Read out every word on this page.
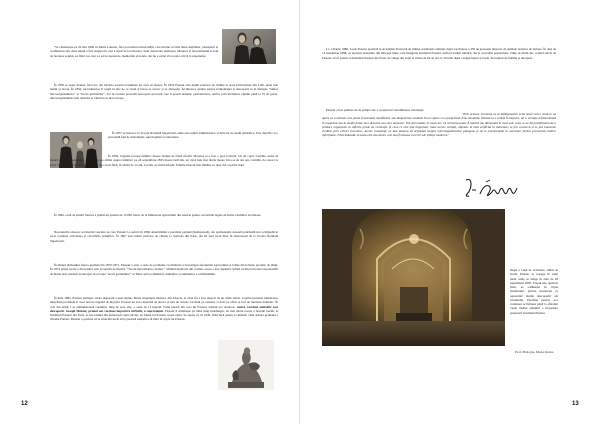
"Se căsătorește pe 29 mai 1849 cu Marie Laurent, fiica rectorului universității, care devine cel mai mare susținător, partenerul și confidentul său. Ziua nunții a fost singura în care a lipsit de la laborator. Sunt cunoscute tandrețea, răbdarea și devotamentul ei față de lucrarea soțului, ea fiind cea care i-a scris rapoartele, memoriile și notele, dar nu a ezitat să ia parte activă la experiențe.

În 1850 se naște Jeanne, fiica lor, dar bucuria acestui eveniment nu avea să dureze. În 1854 Pasteur este numit profesor de chimie la noua Universitate din Lille, unde este numit și decan. În 1856, un industriaș îl roagă să afle de ce vinul și berea se acresc și se alterează. Își întoarce atenția asupra fermentației și descoperă ce el numește "lumea microorganismelor" și "teoria germenilor". Tot în această perioadă descoperă procesul care îi poartă numele: pasteurizarea. Astfel, prin încălzirea vinului până la 55 de grade, microorganismele sunt omorâte și vinul nu se mai acrește.

În 1857 se întoarce la Școala Normală Superioară, unde este numit administrator și director de studii științifice. Este deschis cu o personală față de diplomație, supraveghere și autoritate.

În 1859, tragedia lovește familia: moare Jeanne de febră tifoidă. Moartea ei a fost o grea lovitură. Un alt copil, Camille, urma să moară cu un an mai târziu. Fatalitatea s-a abătut asupra familiei: pe 24 septembrie 1865 moare tatăl său, iar cinci luni mai târziu moare fiica sa de doi ani, Camille, de cancer la ficat. Opt luni mai târziu moare și cea de-a treia fiică, în vârstă de 12 ani, Cecilia, de febră tifoidă. Familia Pasteur mai rămâne cu doar doi copii în viață.

În 1866, ortul de știință francez a primit un premiu de 10 000 franci de la Ministerul agriculturii din Austria pentru cercetările legate de bolile viermilor de mătase.

Neocazurile obosesc accidentul vascular pe care Pasteur l-a suferit în 1866 determinând o paralizie parțială (hemipareză), dar permanentă. Această problemă nu l-a împiedicat să-și continue activitatea și cercetările științifice. În 1867 este numit profesor de chimie la Sorbona din Paris, dar își lasă locul liber în laboratorul de la Școala Normală Superioară.

În timpul războiului franco-german din 1870-1871, Pasteur a avut o serie de probleme cu militarii ce investigau afecțiunile septicemiei și bolile microbiene produse de plăgi. În 1874 prima teorie a microbilor este acceptată de medici, "Teoria microbiană a bolilor". Sfidării medicale din vremea aceea a fost depășită. Știind că microbii sunt responsabili de multe boli, medicii au început să accepte "teoria germenilor" ca fiind certă și sănătatea oamenilor și animalelor s-a îmbunătățit.

În iulie 1885, Pasteur primește vizita disperată a unei mame, Marie Angelique Meister, din Alsacia, al cărei fiu a fost mușcat de un câine turbat. Copilul prezenta numeroase mușcături profunde și avea nevoie urgentă de îngrijiri. Pasteur nu avea diplomă de doctor și nici nu testase vaccinul pe oameni, ci doar pe câini. A fost un moment dramatic. În cele din urmă, i se administrează copilului, timp de zece zile, o serie de 13 injecții. Când pleacă din casa lui Pasteur, băiatul era vindecat. Astfel, vaccinul antirabic este descoperit. Joseph Meister, primul om vaccinat împotriva turbării, a supraviețuit. Pasteur îl urmărește pe băiat timp îndelungat, iar mai târziu acesta a devenit paznic la Institutul Pasteur din Paris. A fost primul din numeroșii copii salvați, iar faima lui Pasteur crește rapid. Se spune că, în 1940, fiind încă paznic la institut, când armata germană a invadat Parisul, Meister a preferat să se sinucidă decât să le permită naziștilor să intre în cripta lui Pasteur.

12

La 1 martie 1886, Louis Pasteur prezintă la Academia Franceză de Științe rezultatele obținute după vaccinarea a 350 de persoane mușcate de animale bolnave de turbare. În data de 14 noiembrie 1888, cu ajutorul donațiilor din întreaga lume, este inaugurat Institutul Pasteur, dedicat tratării turbării, dar și cercetării pasteuriene. Timp de mulți ani, copilul salvat de Pasteur a fost paznic la Institutul Pasteur din Paris. Se stinge din viață la vârsta de 64 de ani, la 10 iulie după o lungă luptă cu boala, înconjurat de familie și discipoli.

Pasteur a fost primul om de știință care a recunoscut variabilitatea virulenței:

"Prin urmare, virulența nu se înfățișează în ochii noștri sub o nouă zi, ea apare ca o entitate care poate fi atenuată, modificată, sau dimpotrivă, exaltată. Ea ne apare ca o proprietate fixă, imuabilă, fiindcă nu o vedem în mișcare, iar o variație infinitesimală în organism sau în mediu poate să o dezvolte sau să o atenueze. Noi știm astăzi, în mod cert, că virulența poate fi mărită sau diminuată în mod voit, ceea ce ne dă posibilitatea de a produce organisme cu diferite grade de virulență. Și ceea ce este mai important, toate aceste variații, obținute în mod artificial în laborator, se pot conserva și se pot transmite ereditar prin culturi succesive. Aceste cunoștințe ne dau puterea să acționăm asupra microorganismelor patogene și să le transformăm în vaccinuri pentru prevenirea bolilor infecțioase. Fără îndoială, aceasta este una dintre cele mai frumoase cuceriri ale științei moderne."

După o viață de activitate, slăbit de boală, Pasteur se retrage în satul natal, unde se stinge în ziua de 28 septembrie 1895. Trupul său, ajuns în final, se odihnește în cripta Institutului, printre mozaicuri ce reprezintă marile descoperiri ale savantului. Paralizat parțial, și-a continuat activitatea până la sfârșitul vieții, lăsând omenirii o moștenire prețioasă: Institutul Pasteur.

Prof. Biologie, Mona Ozana
13
